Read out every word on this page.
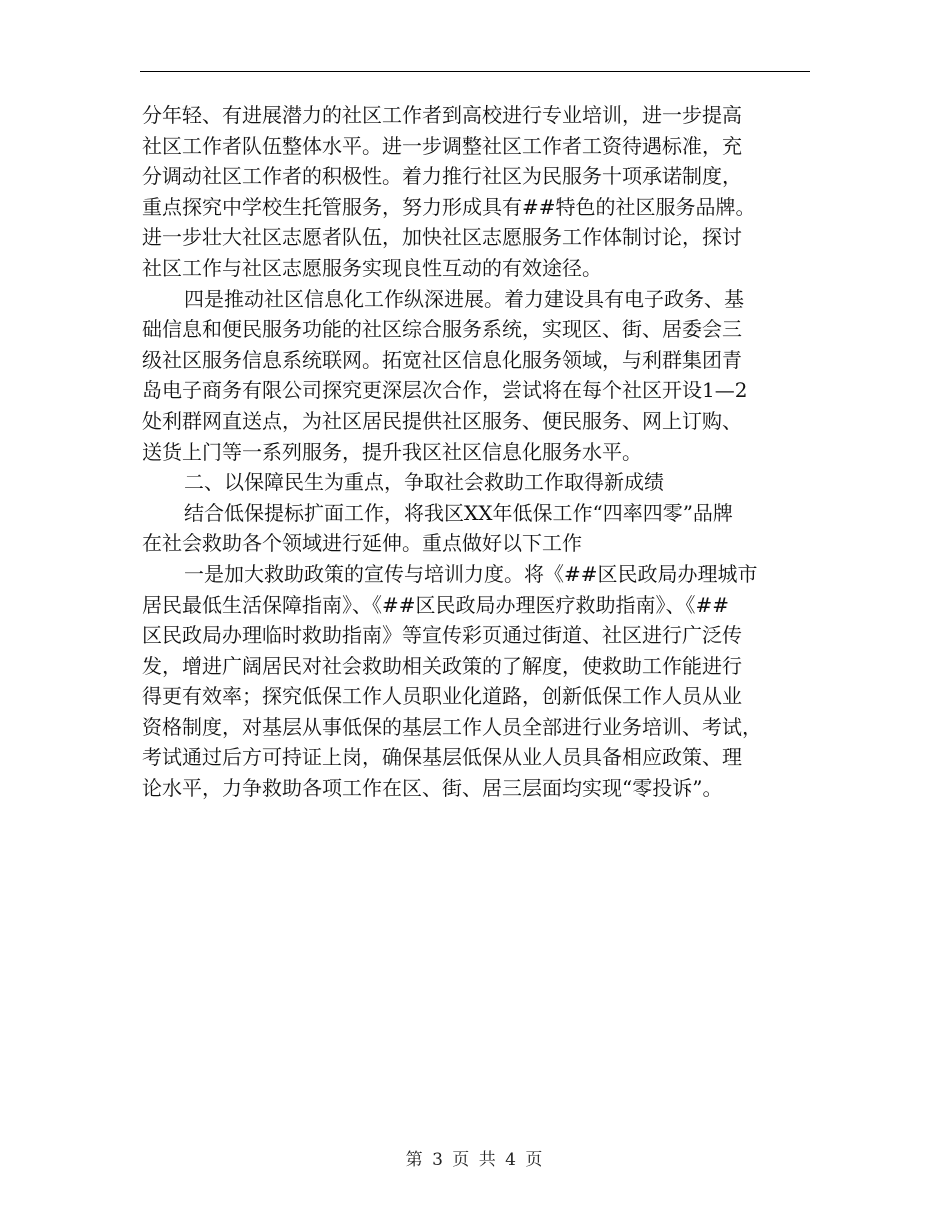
分年轻、有进展潜力的社区工作者到高校进行专业培训，进一步提高
社区工作者队伍整体水平。进一步调整社区工作者工资待遇标准，充
分调动社区工作者的积极性。着力推行社区为民服务十项承诺制度，
重点探究中学校生托管服务，努力形成具有##特色的社区服务品牌。
进一步壮大社区志愿者队伍，加快社区志愿服务工作体制讨论，探讨
社区工作与社区志愿服务实现良性互动的有效途径。
四是推动社区信息化工作纵深进展。着力建设具有电子政务、基
础信息和便民服务功能的社区综合服务系统，实现区、街、居委会三
级社区服务信息系统联网。拓宽社区信息化服务领域，与利群集团青
岛电子商务有限公司探究更深层次合作，尝试将在每个社区开设1—2
处利群网直送点，为社区居民提供社区服务、便民服务、网上订购、
送货上门等一系列服务，提升我区社区信息化服务水平。
二、以保障民生为重点，争取社会救助工作取得新成绩
结合低保提标扩面工作，将我区XX年低保工作“四率四零”品牌
在社会救助各个领域进行延伸。重点做好以下工作
一是加大救助政策的宣传与培训力度。将《##区民政局办理城市
居民最低生活保障指南》、《##区民政局办理医疗救助指南》、《##
区民政局办理临时救助指南》等宣传彩页通过街道、社区进行广泛传
发，增进广阔居民对社会救助相关政策的了解度，使救助工作能进行
得更有效率；探究低保工作人员职业化道路，创新低保工作人员从业
资格制度，对基层从事低保的基层工作人员全部进行业务培训、考试，
考试通过后方可持证上岗，确保基层低保从业人员具备相应政策、理
论水平，力争救助各项工作在区、街、居三层面均实现“零投诉”。
第 3 页 共 4 页
